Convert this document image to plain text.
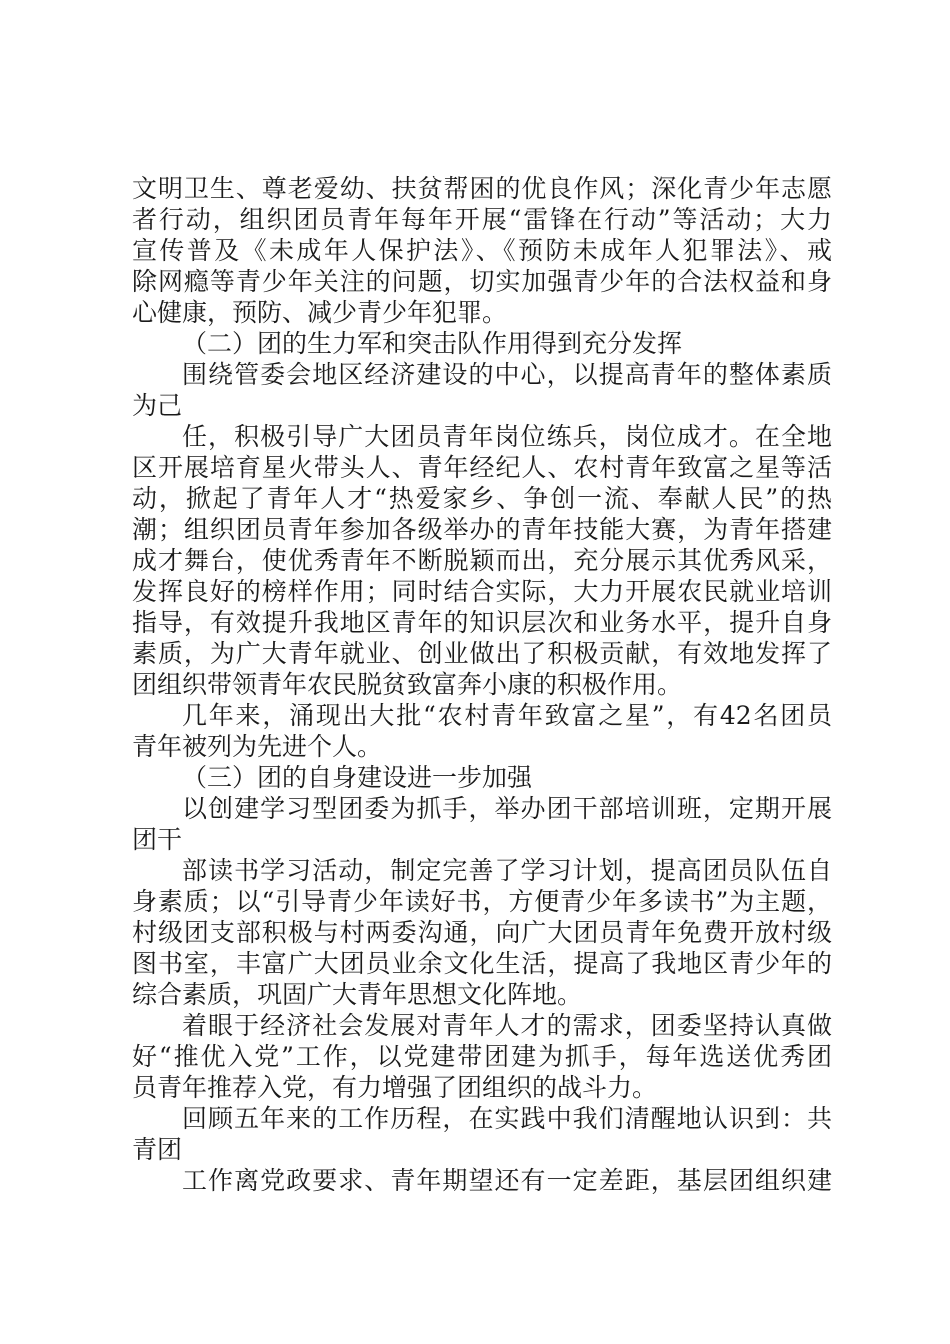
文明卫生、尊老爱幼、扶贫帮困的优良作风；深化青少年志愿
者行动，组织团员青年每年开展“雷锋在行动”等活动；大力
宣传普及《未成年人保护法》、《预防未成年人犯罪法》、戒
除网瘾等青少年关注的问题，切实加强青少年的合法权益和身
心健康，预防、减少青少年犯罪。
（二）团的生力军和突击队作用得到充分发挥
围绕管委会地区经济建设的中心，以提高青年的整体素质
为己
任，积极引导广大团员青年岗位练兵，岗位成才。在全地
区开展培育星火带头人、青年经纪人、农村青年致富之星等活
动，掀起了青年人才“热爱家乡、争创一流、奉献人民”的热
潮；组织团员青年参加各级举办的青年技能大赛，为青年搭建
成才舞台，使优秀青年不断脱颖而出，充分展示其优秀风采，
发挥良好的榜样作用；同时结合实际，大力开展农民就业培训
指导，有效提升我地区青年的知识层次和业务水平，提升自身
素质，为广大青年就业、创业做出了积极贡献，有效地发挥了
团组织带领青年农民脱贫致富奔小康的积极作用。
几年来，涌现出大批“农村青年致富之星”，有42名团员
青年被列为先进个人。
（三）团的自身建设进一步加强
以创建学习型团委为抓手，举办团干部培训班，定期开展
团干
部读书学习活动，制定完善了学习计划，提高团员队伍自
身素质；以“引导青少年读好书，方便青少年多读书”为主题，
村级团支部积极与村两委沟通，向广大团员青年免费开放村级
图书室，丰富广大团员业余文化生活，提高了我地区青少年的
综合素质，巩固广大青年思想文化阵地。
着眼于经济社会发展对青年人才的需求，团委坚持认真做
好“推优入党”工作，以党建带团建为抓手，每年选送优秀团
员青年推荐入党，有力增强了团组织的战斗力。
回顾五年来的工作历程，在实践中我们清醒地认识到：共
青团
工作离党政要求、青年期望还有一定差距，基层团组织建
